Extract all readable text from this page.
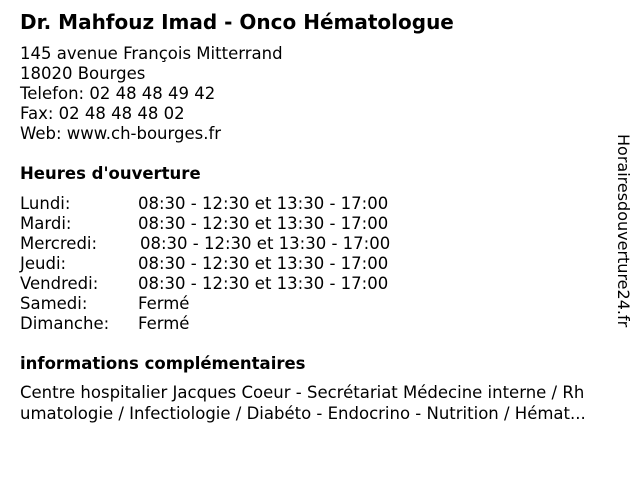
Dr. Mahfouz Imad - Onco Hématologue
145 avenue François Mitterrand
18020 Bourges
Telefon: 02 48 48 49 42
Fax: 02 48 48 48 02
Web: www.ch-bourges.fr
Heures d'ouverture
Lundi:	08:30 - 12:30 et 13:30 - 17:00
Mardi:	08:30 - 12:30 et 13:30 - 17:00
Mercredi:	08:30 - 12:30 et 13:30 - 17:00
Jeudi:	08:30 - 12:30 et 13:30 - 17:00
Vendredi: 08:30 - 12:30 et 13:30 - 17:00
Samedi:	Fermé
Dimanche: Fermé
informations complémentaires
Centre hospitalier Jacques Coeur - Secrétariat Médecine interne / Rh
umatologie / Infectiologie / Diabéto - Endocrino - Nutrition / Hémat...
Horairesdouverture24.fr
